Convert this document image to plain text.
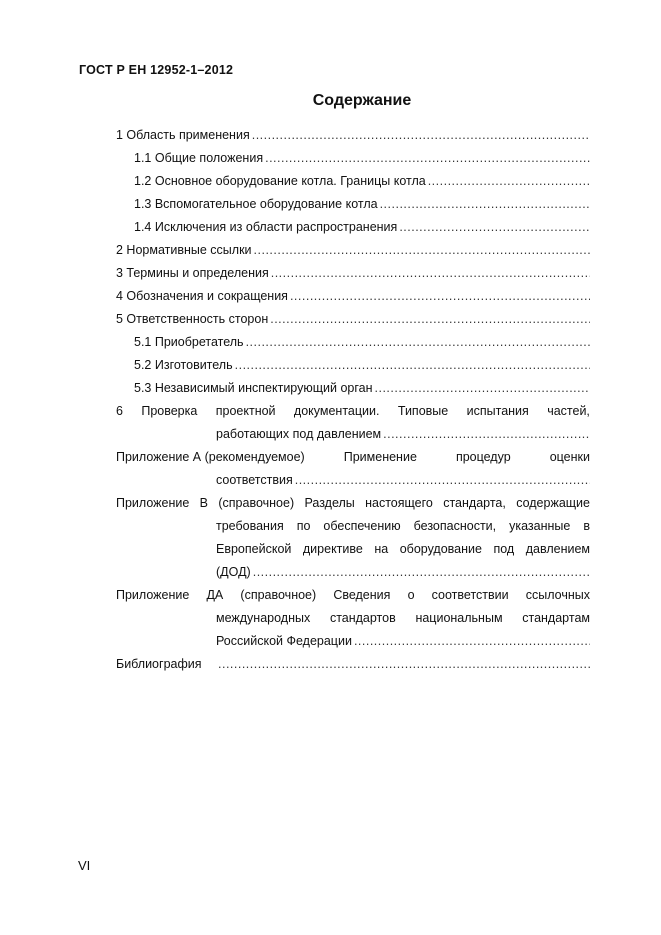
ГОСТ Р ЕН 12952-1–2012
Содержание
1 Область применения
.....
1.1 Общие положения
.....
1.2 Основное оборудование котла. Границы котла
.....
1.3 Вспомогательное оборудование котла
.....
1.4 Исключения из области распространения
.....
2 Нормативные ссылки
.....
3 Термины и определения
.....
4 Обозначения и сокращения
.....
5 Ответственность сторон
.....
5.1 Приобретатель
.....
5.2 Изготовитель
.....
5.3 Независимый инспектирующий орган
.....
6 Проверка проектной документации. Типовые испытания частей,
работающих под давлением
.....
Приложение А (рекомендуемое)	Применение	процедур	оценки
соответствия
.....
Приложение В (справочное) Разделы настоящего стандарта, содержащие
требования по обеспечению безопасности, указанные в
Европейской директиве на оборудование под давлением
(ДОД)
.....
Приложение ДА (справочное) Сведения о соответствии ссылочных
международных стандартов национальным стандартам
Российской Федерации
.....
Библиография
.....
VI
